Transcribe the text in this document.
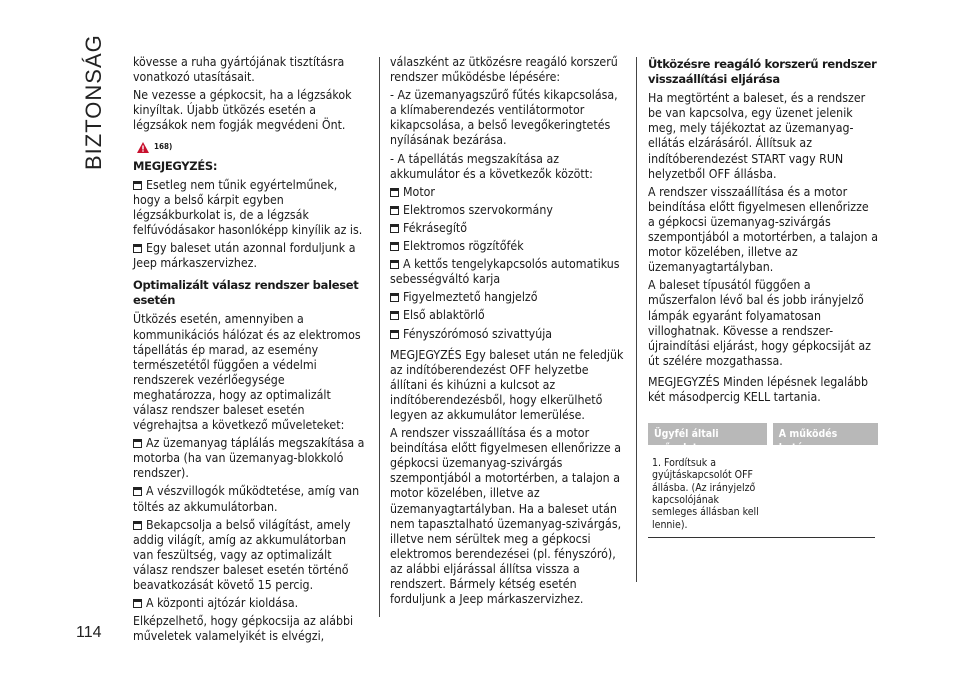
BIZTONSÁG
114

kövesse a ruha gyártójának tisztításra vonatkozó utasításait.

Ne vezesse a gépkocsit, ha a légzsákok kinyíltak. Újabb ütközés esetén a légzsákok nem fogják megvédeni Önt.

168)
MEGJEGYZÉS:

Esetleg nem tűnik egyértelműnek, hogy a belső kárpit egyben légzsákburkolat is, de a légzsák felfúvódásakor hasonlóképp kinyílik az is.

Egy baleset után azonnal forduljunk a Jeep márkaszervizhez.

Optimalizált válasz rendszer baleset esetén

Ütközés esetén, amennyiben a kommunikációs hálózat és az elektromos tápellátás ép marad, az esemény természetétől függően a védelmi rendszerek vezérlőegysége meghatározza, hogy az optimalizált válasz rendszer baleset esetén végrehajtsa a következő műveleteket:

Az üzemanyag táplálás megszakítása a motorba (ha van üzemanyag-blokkoló rendszer).

A vészvillogók működtetése, amíg van töltés az akkumulátorban.

Bekapcsolja a belső világítást, amely addig világít, amíg az akkumulátorban van feszültség, vagy az optimalizált válasz rendszer baleset esetén történő beavatkozását követő 15 percig.

A központi ajtózár kioldása.

Elképzelhető, hogy gépkocsija az alábbi műveletek valamelyikét is elvégzi,

válaszként az ütközésre reagáló korszerű rendszer működésbe lépésére:

- Az üzemanyagszűrő fűtés kikapcsolása, a klímaberendezés ventilátormotor kikapcsolása, a belső levegőkeringtetés nyílásának bezárása.

- A tápellátás megszakítása az akkumulátor és a következők között:

Motor

Elektromos szervokormány

Fékrásegítő

Elektromos rögzítőfék

A kettős tengelykapcsolós automatikus sebességváltó karja

Figyelmeztető hangjelző

Első ablaktörlő

Fényszórómosó szivattyúja

MEGJEGYZÉS Egy baleset után ne feledjük az indítóberendezést OFF helyzetbe állítani és kihúzni a kulcsot az indítóberendezésből, hogy elkerülhető legyen az akkumulátor lemerülése.

A rendszer visszaállítása és a motor beindítása előtt figyelmesen ellenőrizze a gépkocsi üzemanyag-szivárgás szempontjából a motortérben, a talajon a motor közelében, illetve az üzemanyagtartályban. Ha a baleset után nem tapasztalható üzemanyag-szivárgás, illetve nem sérültek meg a gépkocsi elektromos berendezései (pl. fényszóró), az alábbi eljárással állítsa vissza a rendszert. Bármely kétség esetén forduljunk a Jeep márkaszervizhez.

Ütközésre reagáló korszerű rendszer visszaállítási eljárása

Ha megtörtént a baleset, és a rendszer be van kapcsolva, egy üzenet jelenik meg, mely tájékoztat az üzemanyag-ellátás elzárásáról. Állítsuk az indítóberendezést START vagy RUN helyzetből OFF állásba.

A rendszer visszaállítása és a motor beindítása előtt figyelmesen ellenőrizze a gépkocsi üzemanyag-szivárgás szempontjából a motortérben, a talajon a motor közelében, illetve az üzemanyagtartályban.

A baleset típusától függően a műszerfalon lévő bal és jobb irányjelző lámpák egyaránt folyamatosan villoghatnak. Kövesse a rendszer-újraindítási eljárást, hogy gépkocsiját az út szélére mozgathassa.

MEGJEGYZÉS Minden lépésnek legalább két másodpercig KELL tartania.

Ügyfél általi művelet
A működés hatása
1. Fordítsuk a gyújtáskapcsolót OFF állásba. (Az irányjelző kapcsolójának semleges állásban kell lennie).
